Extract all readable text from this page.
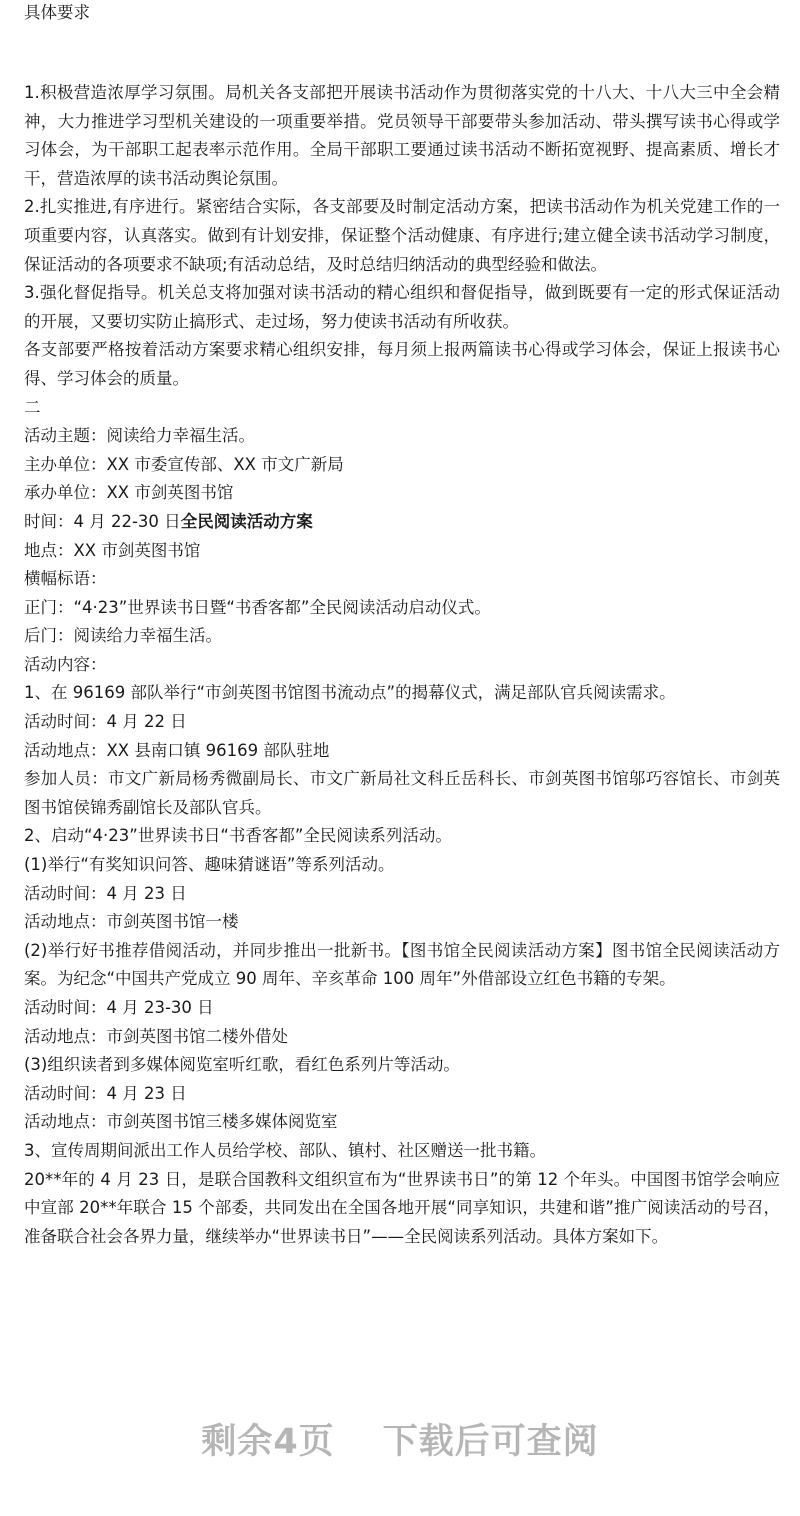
具体要求

1.积极营造浓厚学习氛围。局机关各支部把开展读书活动作为贯彻落实党的十八大、十八大三中全会精神，大力推进学习型机关建设的一项重要举措。党员领导干部要带头参加活动、带头撰写读书心得或学习体会，为干部职工起表率示范作用。全局干部职工要通过读书活动不断拓宽视野、提高素质、增长才干，营造浓厚的读书活动舆论氛围。

2.扎实推进,有序进行。紧密结合实际，各支部要及时制定活动方案，把读书活动作为机关党建工作的一项重要内容，认真落实。做到有计划安排，保证整个活动健康、有序进行;建立健全读书活动学习制度，保证活动的各项要求不缺项;有活动总结，及时总结归纳活动的典型经验和做法。

3.强化督促指导。机关总支将加强对读书活动的精心组织和督促指导，做到既要有一定的形式保证活动的开展，又要切实防止搞形式、走过场，努力使读书活动有所收获。

各支部要严格按着活动方案要求精心组织安排，每月须上报两篇读书心得或学习体会，保证上报读书心得、学习体会的质量。

二

活动主题：阅读给力幸福生活。

主办单位：XX 市委宣传部、XX 市文广新局

承办单位：XX 市剑英图书馆

时间：4 月 22-30 日全民阅读活动方案

地点：XX 市剑英图书馆

横幅标语：

正门：“4·23”世界读书日暨“书香客都”全民阅读活动启动仪式。

后门：阅读给力幸福生活。

活动内容：

1、在 96169 部队举行“市剑英图书馆图书流动点”的揭幕仪式，满足部队官兵阅读需求。

活动时间：4 月 22 日

活动地点：XX 县南口镇 96169 部队驻地

参加人员：市文广新局杨秀微副局长、市文广新局社文科丘岳科长、市剑英图书馆邬巧容馆长、市剑英图书馆侯锦秀副馆长及部队官兵。

2、启动“4·23”世界读书日“书香客都”全民阅读系列活动。

(1)举行“有奖知识问答、趣味猜谜语”等系列活动。

活动时间：4 月 23 日

活动地点：市剑英图书馆一楼

(2)举行好书推荐借阅活动，并同步推出一批新书。【图书馆全民阅读活动方案】图书馆全民阅读活动方案。为纪念“中国共产党成立 90 周年、辛亥革命 100 周年”外借部设立红色书籍的专架。

活动时间：4 月 23-30 日

活动地点：市剑英图书馆二楼外借处

(3)组织读者到多媒体阅览室听红歌，看红色系列片等活动。

活动时间：4 月 23 日

活动地点：市剑英图书馆三楼多媒体阅览室

3、宣传周期间派出工作人员给学校、部队、镇村、社区赠送一批书籍。

20**年的 4 月 23 日，是联合国教科文组织宣布为“世界读书日”的第 12 个年头。中国图书馆学会响应中宣部 20**年联合 15 个部委，共同发出在全国各地开展“同享知识，共建和谐”推广阅读活动的号召，准备联合社会各界力量，继续举办“世界读书日”——全民阅读系列活动。具体方案如下。

剩余4页 下载后可查阅
